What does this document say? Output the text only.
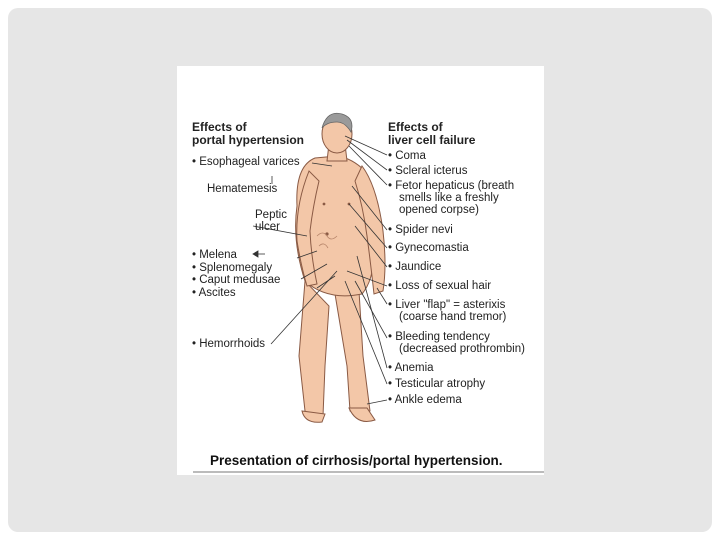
Effects of
portal hypertension
• Esophageal varices
Hematemesis
Peptic
ulcer
• Melena
• Splenomegaly
• Caput medusae
• Ascites
• Hemorrhoids
Effects of
liver cell failure
• Coma
• Scleral icterus
• Fetor hepaticus (breath
smells like a freshly
opened corpse)
• Spider nevi
• Gynecomastia
• Jaundice
• Loss of sexual hair
• Liver "flap" = asterixis
(coarse hand tremor)
• Bleeding tendency
(decreased prothrombin)
• Anemia
• Testicular atrophy
• Ankle edema
Presentation of cirrhosis/portal hypertension.
